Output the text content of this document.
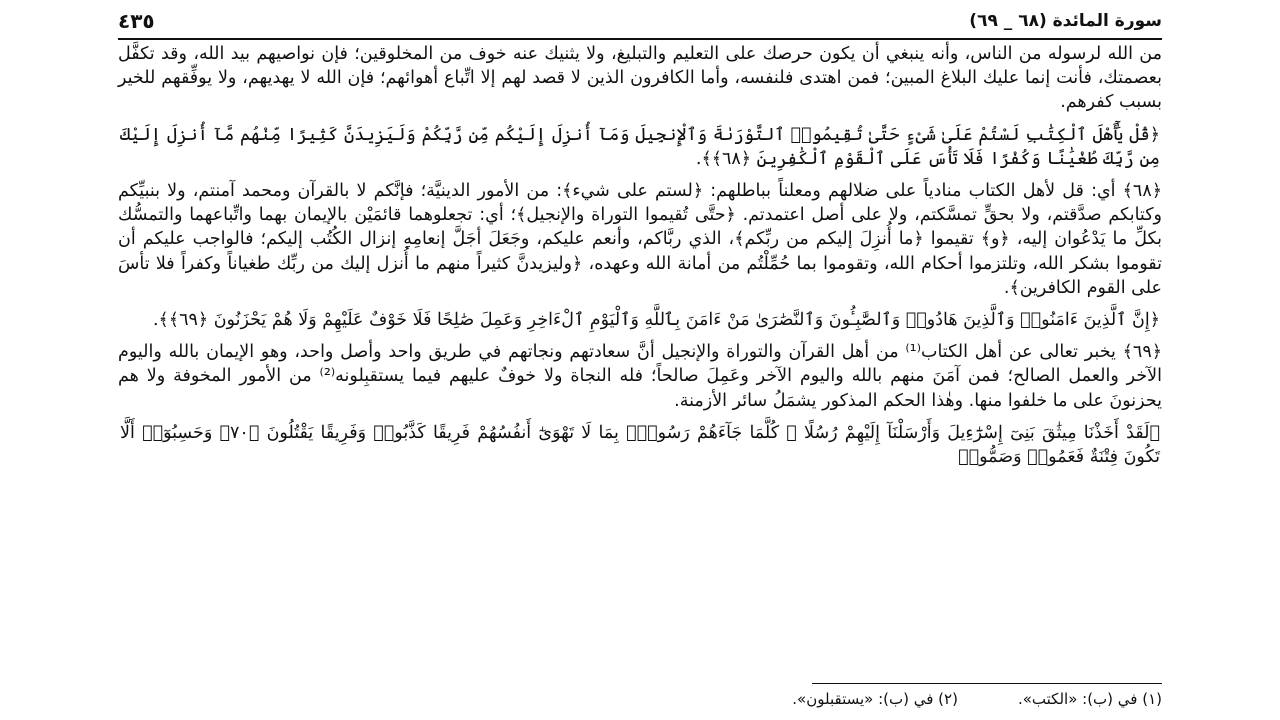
سورة المائدة (٦٨ _ ٦٩)
٤٣٥

من الله لرسوله من الناس، وأنه ينبغي أن يكون حرصك على التعليم والتبليغ، ولا يثنيك عنه خوف من المخلوقين؛ فإن نواصيهم بيد الله، وقد تكفَّل بعصمتك، فأنت إنما عليك البلاغ المبين؛ فمن اهتدى فلنفسه، وأما الكافرون الذين لا قصد لهم إلا اتِّباع أهوائهم؛ فإن الله لا يهديهم، ولا يوفِّقهم للخير بسبب كفرهم.

﴿قُلْ يَٰٓأَهْلَ ٱلْكِتَٰبِ لَسْتُمْ عَلَىٰ شَىْءٍ حَتَّىٰ تُقِيمُوا۟ ٱلتَّوْرَىٰةَ وَٱلْإِنجِيلَ وَمَآ أُنزِلَ إِلَيْكُم مِّن رَّبِّكُمْ وَلَيَزِيدَنَّ كَثِيرًا مِّنْهُم مَّآ أُنزِلَ إِلَيْكَ مِن رَّبِّكَ طُغْيَٰنًا وَكُفْرًا فَلَا تَأْسَ عَلَى ٱلْقَوْمِ ٱلْكَٰفِرِينَ ﴿٦٨﴾﴾.

﴿٦٨﴾ أي: قل لأهل الكتاب منادياً على ضلالهم ومعلناً بباطلهم: ﴿لستم على شيء﴾: من الأمور الدينيَّة؛ فإنَّكم لا بالقرآن ومحمد آمنتم، ولا بنبيِّكم وكتابكم صدَّقتم، ولا بحقٍّ تمسَّكتم، ولا على أصل اعتمدتم. ﴿حتَّى تُقيموا التوراة والإنجيل﴾؛ أي: تجعلوهما قائمَيْن بالإيمان بهما واتِّباعهما والتمسُّك بكلِّ ما يَدْعُوان إليه، ﴿و﴾ تقيموا ﴿ما أُنزِلَ إليكم من ربِّكم﴾، الذي ربَّاكم، وأنعم عليكم، وجَعَلَ أجَلَّ إنعامِهِ إنزال الكُتُب إليكم؛ فالواجب عليكم أن تقوموا بشكر الله، وتلتزموا أحكام الله، وتقوموا بما حُمِّلْتُم من أمانة الله وعهده، ﴿وليزيدنَّ كثيراً منهم ما أُنزل إليك من ربِّك طغياناً وكفراً فلا تأسَ على القوم الكافرين﴾.

﴿إِنَّ ٱلَّذِينَ ءَامَنُوا۟ وَٱلَّذِينَ هَادُوا۟ وَٱلصَّٰبِـُٔونَ وَٱلنَّصَٰرَىٰ مَنْ ءَامَنَ بِٱللَّهِ وَٱلْيَوْمِ ٱلْءَاخِرِ وَعَمِلَ صَٰلِحًا فَلَا خَوْفٌ عَلَيْهِمْ وَلَا هُمْ يَحْزَنُونَ ﴿٦٩﴾﴾.

﴿٦٩﴾ يخبر تعالى عن أهل الكتاب⁽¹⁾ من أهل القرآن والتوراة والإنجيل أنَّ سعادتهم ونجاتهم في طريق واحد وأصل واحد، وهو الإيمان بالله واليوم الآخر والعمل الصالح؛ فمن آمَنَ منهم بالله واليوم الآخر وعَمِلَ صالحاً؛ فله النجاة ولا خوفٌ عليهم فيما يستقبِلونه⁽²⁾ من الأمور المخوفة ولا هم يحزنونَ على ما خلفوا منها. وهٰذا الحكم المذكور يشمَلُ سائر الأزمنة.

﴿لَقَدْ أَخَذْنَا مِيثَٰقَ بَنِىٓ إِسْرَٰٓءِيلَ وَأَرْسَلْنَآ إِلَيْهِمْ رُسُلًا ۖ كُلَّمَا جَآءَهُمْ رَسُولٌۢ بِمَا لَا تَهْوَىٰٓ أَنفُسُهُمْ فَرِيقًا كَذَّبُوا۟ وَفَرِيقًا يَقْتُلُونَ ﴿٧٠﴾ وَحَسِبُوٓا۟ أَلَّا تَكُونَ فِتْنَةٌ فَعَمُوا۟ وَصَمُّوا۟

(١) في (ب): «الكتب».
(٢) في (ب): «يستقبلون».
